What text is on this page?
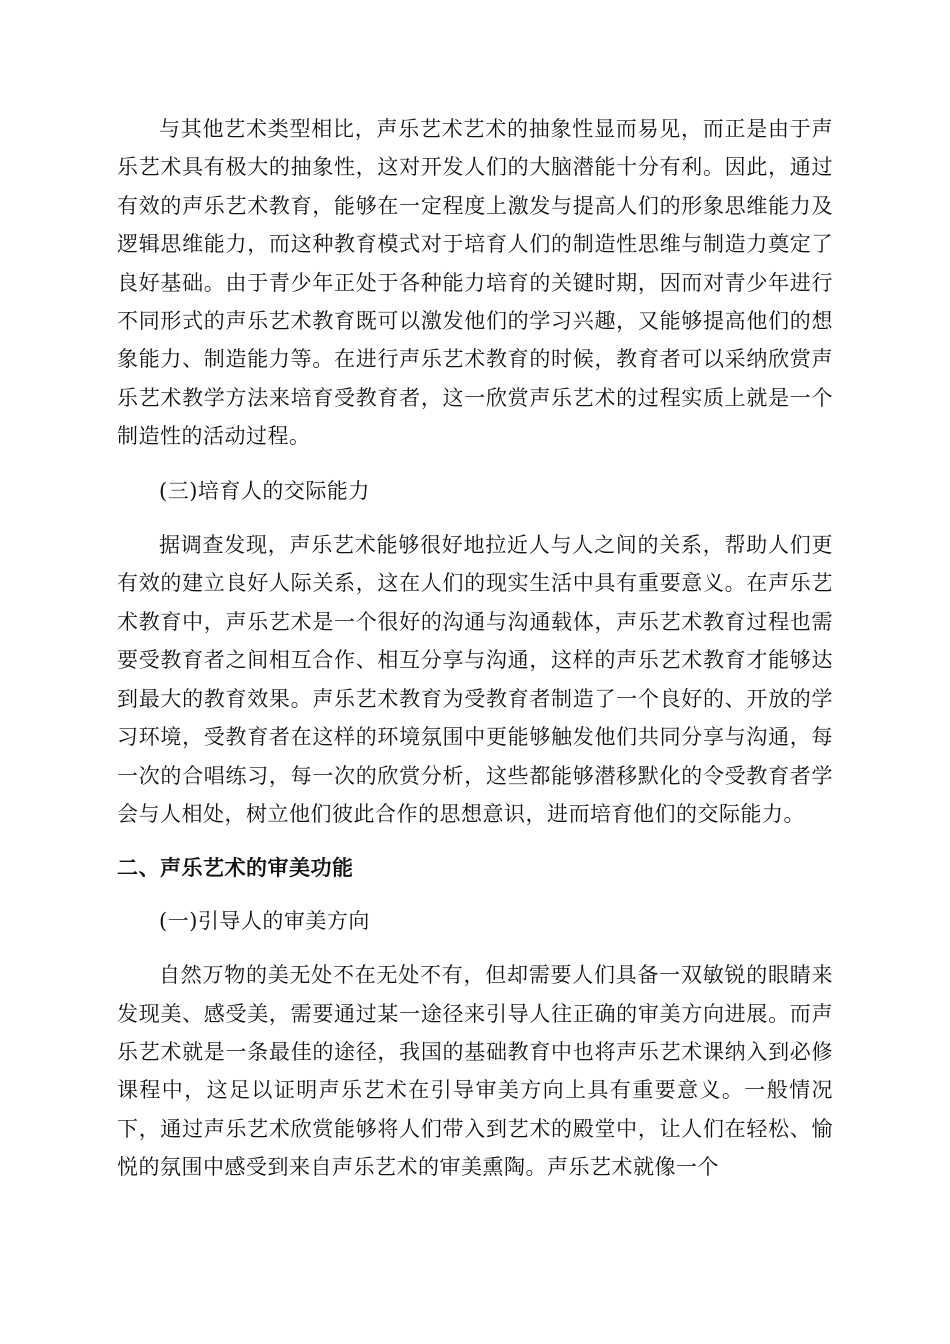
与其他艺术类型相比，声乐艺术艺术的抽象性显而易见，而正是由于声乐艺术具有极大的抽象性，这对开发人们的大脑潜能十分有利。因此，通过有效的声乐艺术教育，能够在一定程度上激发与提高人们的形象思维能力及逻辑思维能力，而这种教育模式对于培育人们的制造性思维与制造力奠定了良好基础。由于青少年正处于各种能力培育的关键时期，因而对青少年进行不同形式的声乐艺术教育既可以激发他们的学习兴趣，又能够提高他们的想象能力、制造能力等。在进行声乐艺术教育的时候，教育者可以采纳欣赏声乐艺术教学方法来培育受教育者，这一欣赏声乐艺术的过程实质上就是一个制造性的活动过程。

(三)培育人的交际能力

据调查发现，声乐艺术能够很好地拉近人与人之间的关系，帮助人们更有效的建立良好人际关系，这在人们的现实生活中具有重要意义。在声乐艺术教育中，声乐艺术是一个很好的沟通与沟通载体，声乐艺术教育过程也需要受教育者之间相互合作、相互分享与沟通，这样的声乐艺术教育才能够达到最大的教育效果。声乐艺术教育为受教育者制造了一个良好的、开放的学习环境，受教育者在这样的环境氛围中更能够触发他们共同分享与沟通，每一次的合唱练习，每一次的欣赏分析，这些都能够潜移默化的令受教育者学会与人相处，树立他们彼此合作的思想意识，进而培育他们的交际能力。

二、声乐艺术的审美功能

(一)引导人的审美方向

自然万物的美无处不在无处不有，但却需要人们具备一双敏锐的眼睛来发现美、感受美，需要通过某一途径来引导人往正确的审美方向进展。而声乐艺术就是一条最佳的途径，我国的基础教育中也将声乐艺术课纳入到必修课程中，这足以证明声乐艺术在引导审美方向上具有重要意义。一般情况下，通过声乐艺术欣赏能够将人们带入到艺术的殿堂中，让人们在轻松、愉悦的氛围中感受到来自声乐艺术的审美熏陶。声乐艺术就像一个
